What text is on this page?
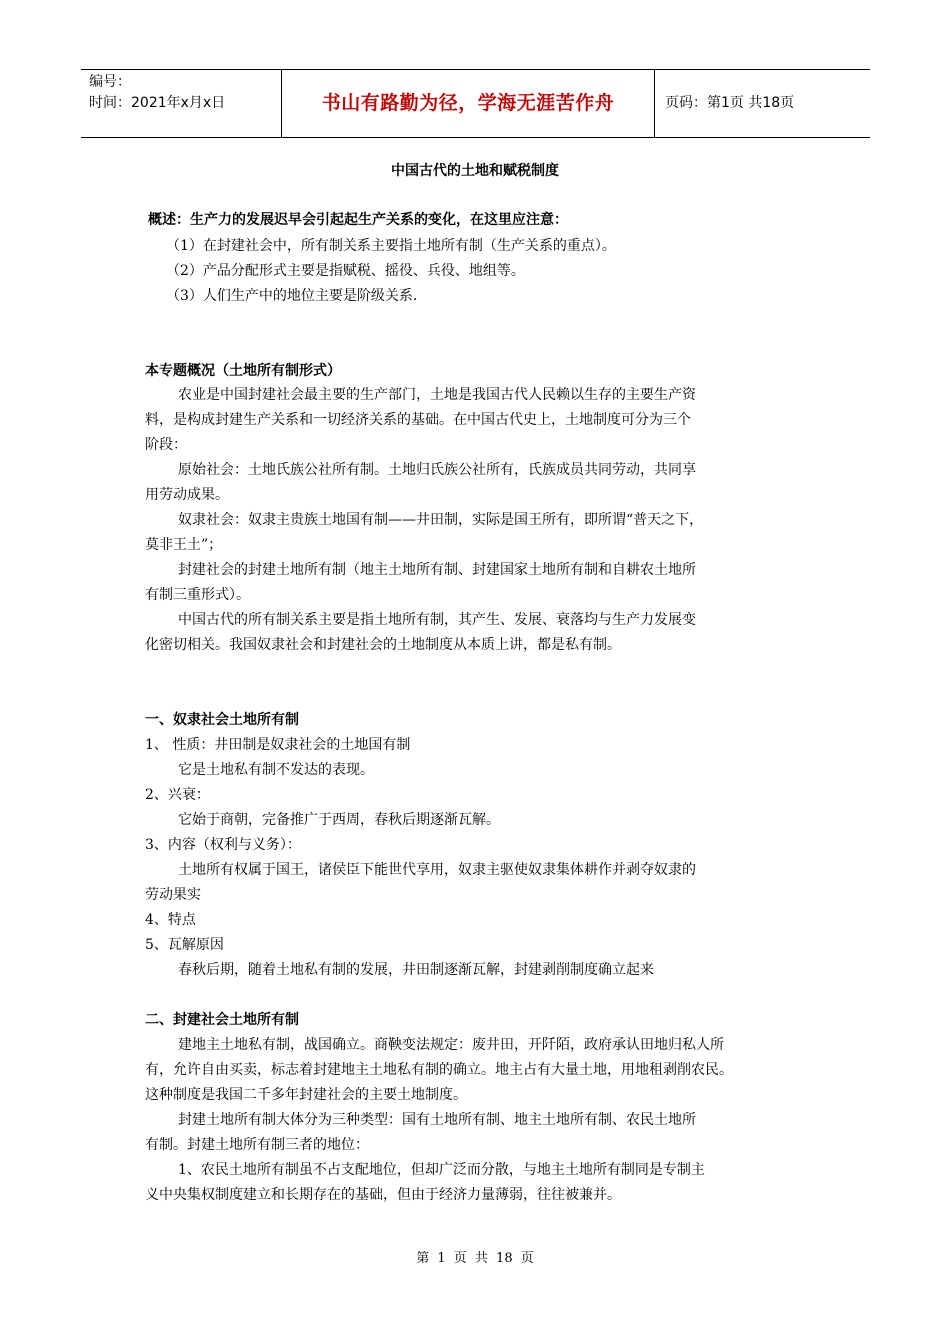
编号：
时间：2021年x月x日	书山有路勤为径，学海无涯苦作舟	页码：第1页 共18页
中国古代的土地和赋税制度
概述：生产力的发展迟早会引起起生产关系的变化，在这里应注意：
（1）在封建社会中，所有制关系主要指土地所有制（生产关系的重点）。
（2）产品分配形式主要是指赋税、摇役、兵役、地组等。
（3）人们生产中的地位主要是阶级关系.
本专题概况（土地所有制形式）
农业是中国封建社会最主要的生产部门，土地是我国古代人民赖以生存的主要生产资
料，是构成封建生产关系和一切经济关系的基础。在中国古代史上，土地制度可分为三个
阶段：
原始社会：土地氏族公社所有制。土地归氏族公社所有，氏族成员共同劳动，共同享
用劳动成果。
奴隶社会：奴隶主贵族土地国有制——井田制，实际是国王所有，即所谓“普天之下，
莫非王土”；
封建社会的封建土地所有制（地主土地所有制、封建国家土地所有制和自耕农土地所
有制三重形式）。
中国古代的所有制关系主要是指土地所有制，其产生、发展、衰落均与生产力发展变
化密切相关。我国奴隶社会和封建社会的土地制度从本质上讲，都是私有制。
一、奴隶社会土地所有制
1、 性质：井田制是奴隶社会的土地国有制
它是土地私有制不发达的表现。
2、兴衰：
它始于商朝，完备推广于西周，春秋后期逐渐瓦解。
3、内容（权利与义务）：
土地所有权属于国王，诸侯臣下能世代享用，奴隶主驱使奴隶集体耕作并剥夺奴隶的
劳动果实
4、特点
5、瓦解原因
春秋后期，随着土地私有制的发展，井田制逐渐瓦解，封建剥削制度确立起来
二、封建社会土地所有制
建地主土地私有制，战国确立。商鞅变法规定：废井田，开阡陌，政府承认田地归私人所
有，允许自由买卖，标志着封建地主土地私有制的确立。地主占有大量土地，用地租剥削农民。
这种制度是我国二千多年封建社会的主要土地制度。
封建土地所有制大体分为三种类型：国有土地所有制、地主土地所有制、农民土地所
有制。封建土地所有制三者的地位：
1、农民土地所有制虽不占支配地位，但却广泛而分散，与地主土地所有制同是专制主
义中央集权制度建立和长期存在的基础，但由于经济力量薄弱，往往被兼并。
第 1 页 共 18 页
